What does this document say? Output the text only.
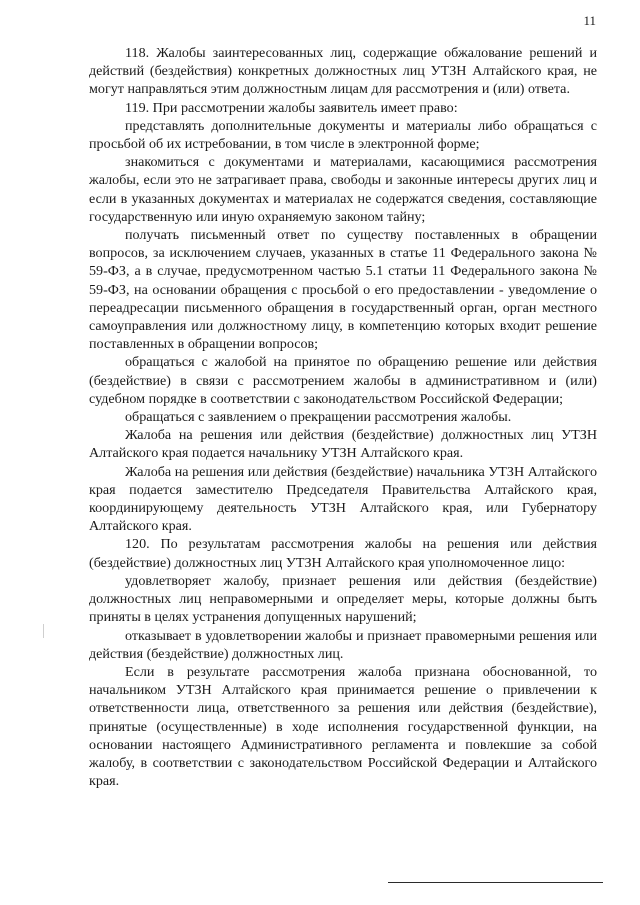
11

118. Жалобы заинтересованных лиц, содержащие обжалование решений и действий (бездействия) конкретных должностных лиц УТЗН Алтайского края, не могут направляться этим должностным лицам для рассмотрения и (или) ответа.

119. При рассмотрении жалобы заявитель имеет право:

представлять дополнительные документы и материалы либо обращаться с просьбой об их истребовании, в том числе в электронной форме;

знакомиться с документами и материалами, касающимися рассмотрения жалобы, если это не затрагивает права, свободы и законные интересы других лиц и если в указанных документах и материалах не содержатся сведения, составляющие государственную или иную охраняемую законом тайну;

получать письменный ответ по существу поставленных в обращении вопросов, за исключением случаев, указанных в статье 11 Федерального закона № 59-ФЗ, а в случае, предусмотренном частью 5.1 статьи 11 Федерального закона № 59-ФЗ, на основании обращения с просьбой о его предоставлении - уведомление о переадресации письменного обращения в государственный орган, орган местного самоуправления или должностному лицу, в компетенцию которых входит решение поставленных в обращении вопросов;

обращаться с жалобой на принятое по обращению решение или действия (бездействие) в связи с рассмотрением жалобы в административном и (или) судебном порядке в соответствии с законодательством Российской Федерации;

обращаться с заявлением о прекращении рассмотрения жалобы.

Жалоба на решения или действия (бездействие) должностных лиц УТЗН Алтайского края подается начальнику УТЗН Алтайского края.

Жалоба на решения или действия (бездействие) начальника УТЗН Алтайского края подается заместителю Председателя Правительства Алтайского края, координирующему деятельность УТЗН Алтайского края, или Губернатору Алтайского края.

120. По результатам рассмотрения жалобы на решения или действия (бездействие) должностных лиц УТЗН Алтайского края уполномоченное лицо:

удовлетворяет жалобу, признает решения или действия (бездействие) должностных лиц неправомерными и определяет меры, которые должны быть приняты в целях устранения допущенных нарушений;

отказывает в удовлетворении жалобы и признает правомерными решения или действия (бездействие) должностных лиц.

Если в результате рассмотрения жалоба признана обоснованной, то начальником УТЗН Алтайского края принимается решение о привлечении к ответственности лица, ответственного за решения или действия (бездействие), принятые (осуществленные) в ходе исполнения государственной функции, на основании настоящего Административного регламента и повлекшие за собой жалобу, в соответствии с законодательством Российской Федерации и Алтайского края.
